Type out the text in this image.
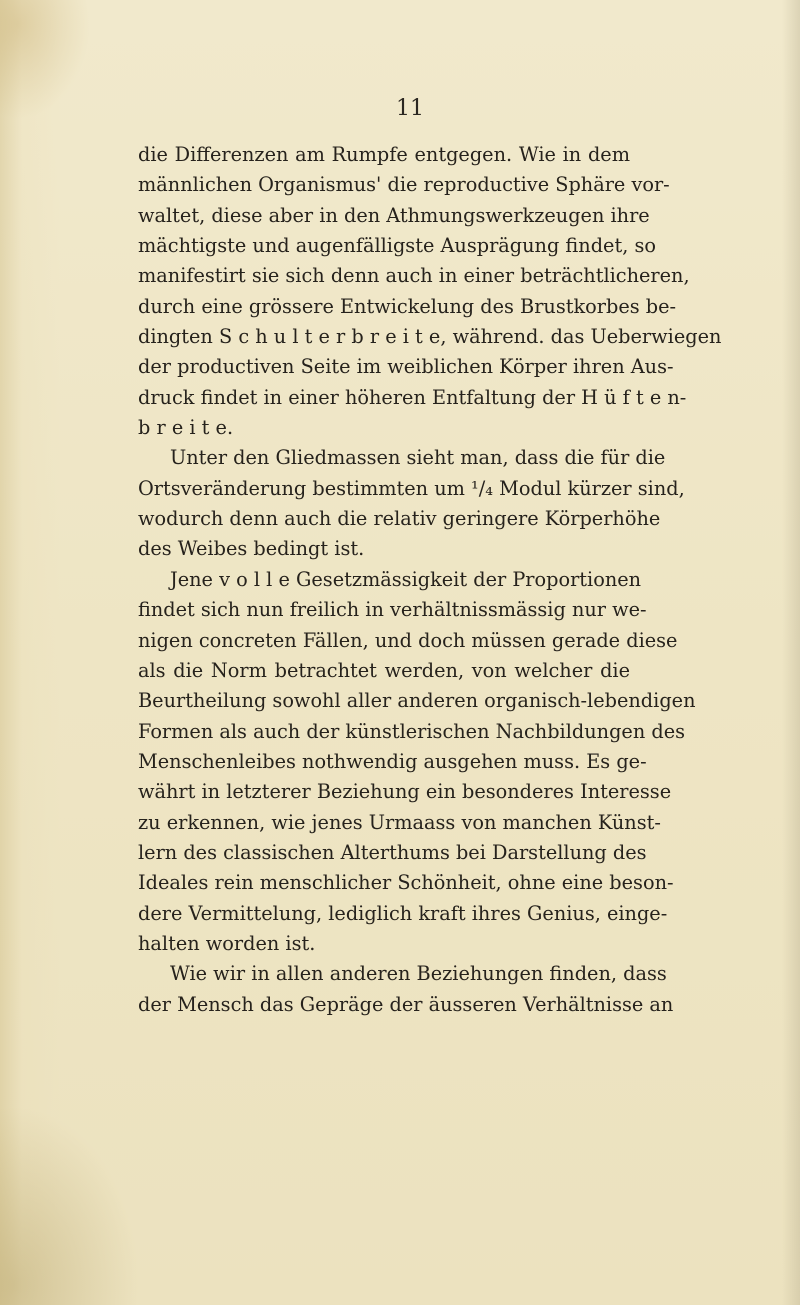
11
die Differenzen am Rumpfe entgegen. Wie in dem
männlichen Organismus' die reproductive Sphäre vor-
waltet, diese aber in den Athmungswerkzeugen ihre
mächtigste und augenfälligste Ausprägung findet, so
manifestirt sie sich denn auch in einer beträchtlicheren,
durch eine grössere Entwickelung des Brustkorbes be-
dingten S c h u l t e r b r e i t e, während. das Ueberwiegen
der productiven Seite im weiblichen Körper ihren Aus-
druck findet in einer höheren Entfaltung der H ü f t e n-
b r e i t e.
Unter den Gliedmassen sieht man, dass die für die
Ortsveränderung bestimmten um ¹/₄ Modul kürzer sind,
wodurch denn auch die relativ geringere Körperhöhe
des Weibes bedingt ist.
Jene v o l l e Gesetzmässigkeit der Proportionen
findet sich nun freilich in verhältnissmässig nur we-
nigen concreten Fällen, und doch müssen gerade diese
als die Norm betrachtet werden, von welcher die
Beurtheilung sowohl aller anderen organisch-lebendigen
Formen als auch der künstlerischen Nachbildungen des
Menschenleibes nothwendig ausgehen muss. Es ge-
währt in letzterer Beziehung ein besonderes Interesse
zu erkennen, wie jenes Urmaass von manchen Künst-
lern des classischen Alterthums bei Darstellung des
Ideales rein menschlicher Schönheit, ohne eine beson-
dere Vermittelung, lediglich kraft ihres Genius, einge-
halten worden ist.
Wie wir in allen anderen Beziehungen finden, dass
der Mensch das Gepräge der äusseren Verhältnisse an
